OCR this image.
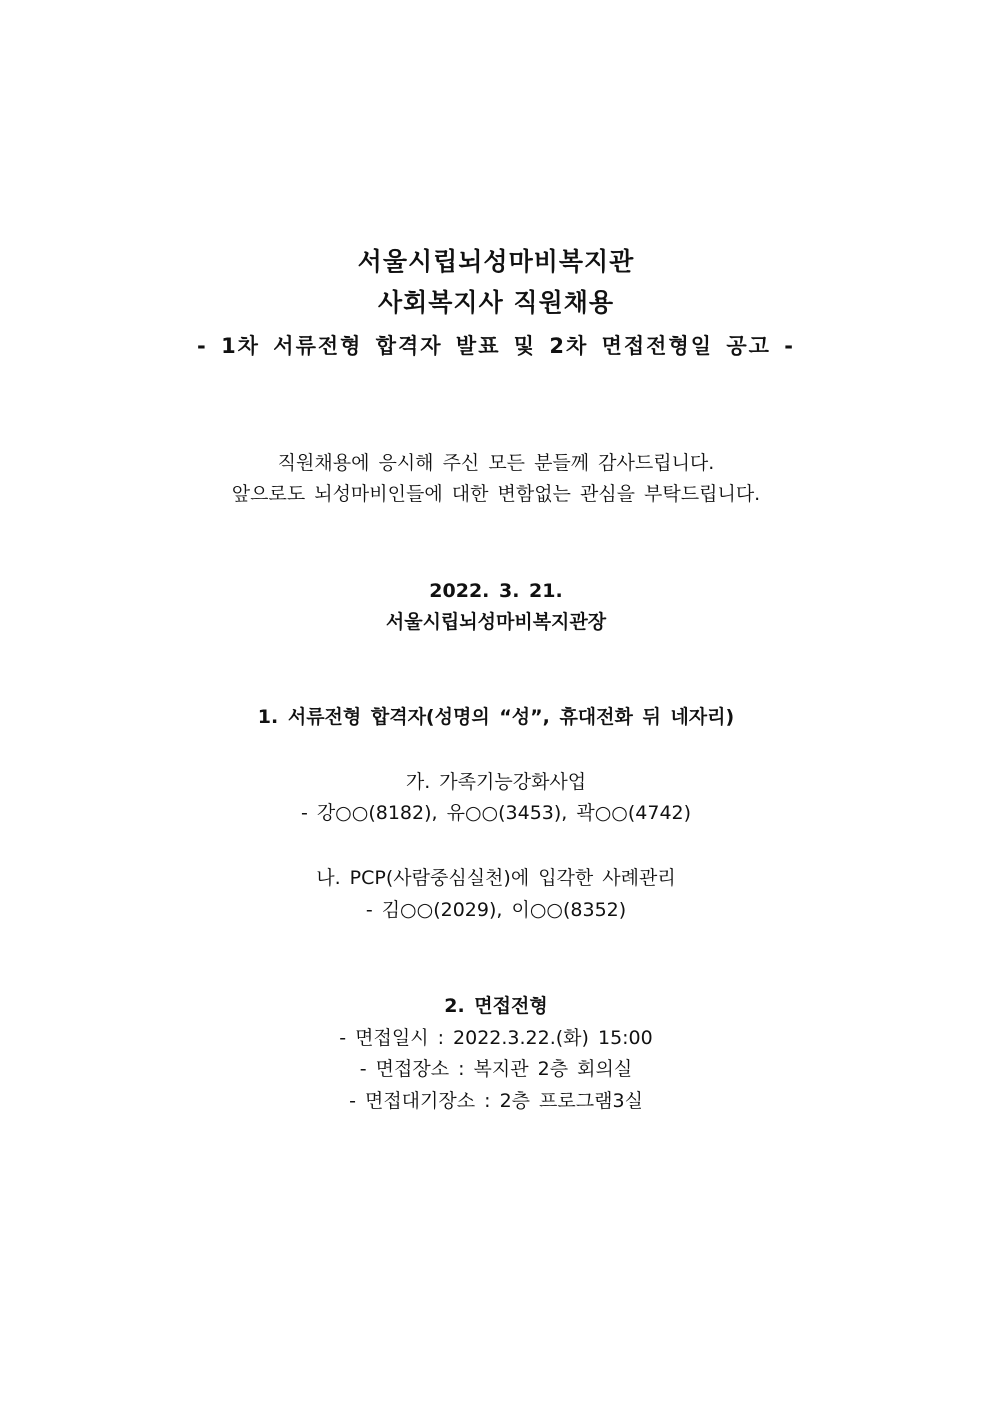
서울시립뇌성마비복지관
사회복지사 직원채용
- 1차 서류전형 합격자 발표 및 2차 면접전형일 공고 -
직원채용에 응시해 주신 모든 분들께 감사드립니다.
앞으로도 뇌성마비인들에 대한 변함없는 관심을 부탁드립니다.
2022. 3. 21.
서울시립뇌성마비복지관장
1. 서류전형 합격자(성명의 “성”, 휴대전화 뒤 네자리)
가. 가족기능강화사업
- 강○○(8182), 유○○(3453), 곽○○(4742)
나. PCP(사람중심실천)에 입각한 사례관리
- 김○○(2029), 이○○(8352)
2. 면접전형
- 면접일시 : 2022.3.22.(화) 15:00
- 면접장소 : 복지관 2층 회의실
- 면접대기장소 : 2층 프로그램3실
